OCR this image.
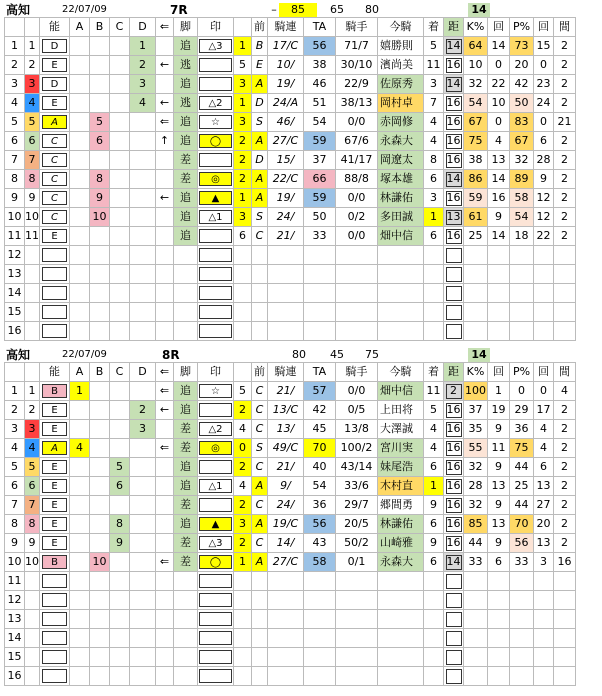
高知	22/07/09	7R	–	85	65	80	14
		能	A	B	C	D	⇐	脚	印		前	騎連	TA	騎手	今騎	着	距	K%	回	P%	回	間
1	1	D				1		追	△3	1	B	17/C	56	71/7	嬉勝則	5	14	64	14	73	15	2
2	2	E				2	←	逃		5	E	10/	38	30/10	濱尚美	11	16	10	0	20	0	2
3	3	D				3		追		3	A	19/	46	22/9	佐原秀	3	14	32	22	42	23	2
4	4	E				4	←	逃	△2	1	D	24/A	51	38/13	岡村卓	7	16	54	10	50	24	2
5	5	A		5			⇐	追	☆	3	S	46/	54	0/0	赤岡修	4	16	67	0	83	0	21
6	6	C		6			↑	追	◯	2	A	27/C	59	67/6	永森大	4	16	75	4	67	6	2
7	7	C						差		2	D	15/	37	41/17	岡遼太	8	16	38	13	32	28	2
8	8	C		8				差	◎	2	A	22/C	66	88/8	塚本雄	6	14	86	14	89	9	2
9	9	C		9			←	追	▲	1	A	19/	59	0/0	林謙佑	3	16	59	16	58	12	2
10	10	C		10				追	△1	3	S	24/	50	0/2	多田誠	1	13	61	9	54	12	2
11	11	E						追		6	C	21/	33	0/0	畑中信	6	16	25	14	18	22	2
12																						
13																						
14																						
15																						
16																						
高知	22/07/09	8R	80	45	75	14
		能	A	B	C	D	⇐	脚	印		前	騎連	TA	騎手	今騎	着	距	K%	回	P%	回	間
1	1	B	1				⇐	追	☆	5	C	21/	57	0/0	畑中信	11	2	100	1	0	0	4
2	2	E				2	←	追		2	C	13/C	42	0/5	上田将	5	16	37	19	29	17	2
3	3	E				3		差	△2	4	C	13/	45	13/8	大澤誠	4	16	35	9	36	4	2
4	4	A	4				⇐	差	◎	0	S	49/C	70	100/2	宮川実	4	16	55	11	75	4	2
5	5	E			5			追		2	C	21/	40	43/14	妹尾浩	6	16	32	9	44	6	2
6	6	E			6			追	△1	4	A	9/	54	33/6	木村直	1	16	28	13	25	13	2
7	7	E						差		2	C	24/	36	29/7	郷間勇	9	16	32	9	44	27	2
8	8	E			8			追	▲	3	A	19/C	56	20/5	林謙佑	6	16	85	13	70	20	2
9	9	E			9			差	△3	2	C	14/	43	50/2	山崎雅	9	16	44	9	56	13	2
10	10	B		10			⇐	差	◯	1	A	27/C	58	0/1	永森大	6	14	33	6	33	3	16
11																						
12																						
13																						
14																						
15																						
16																						
